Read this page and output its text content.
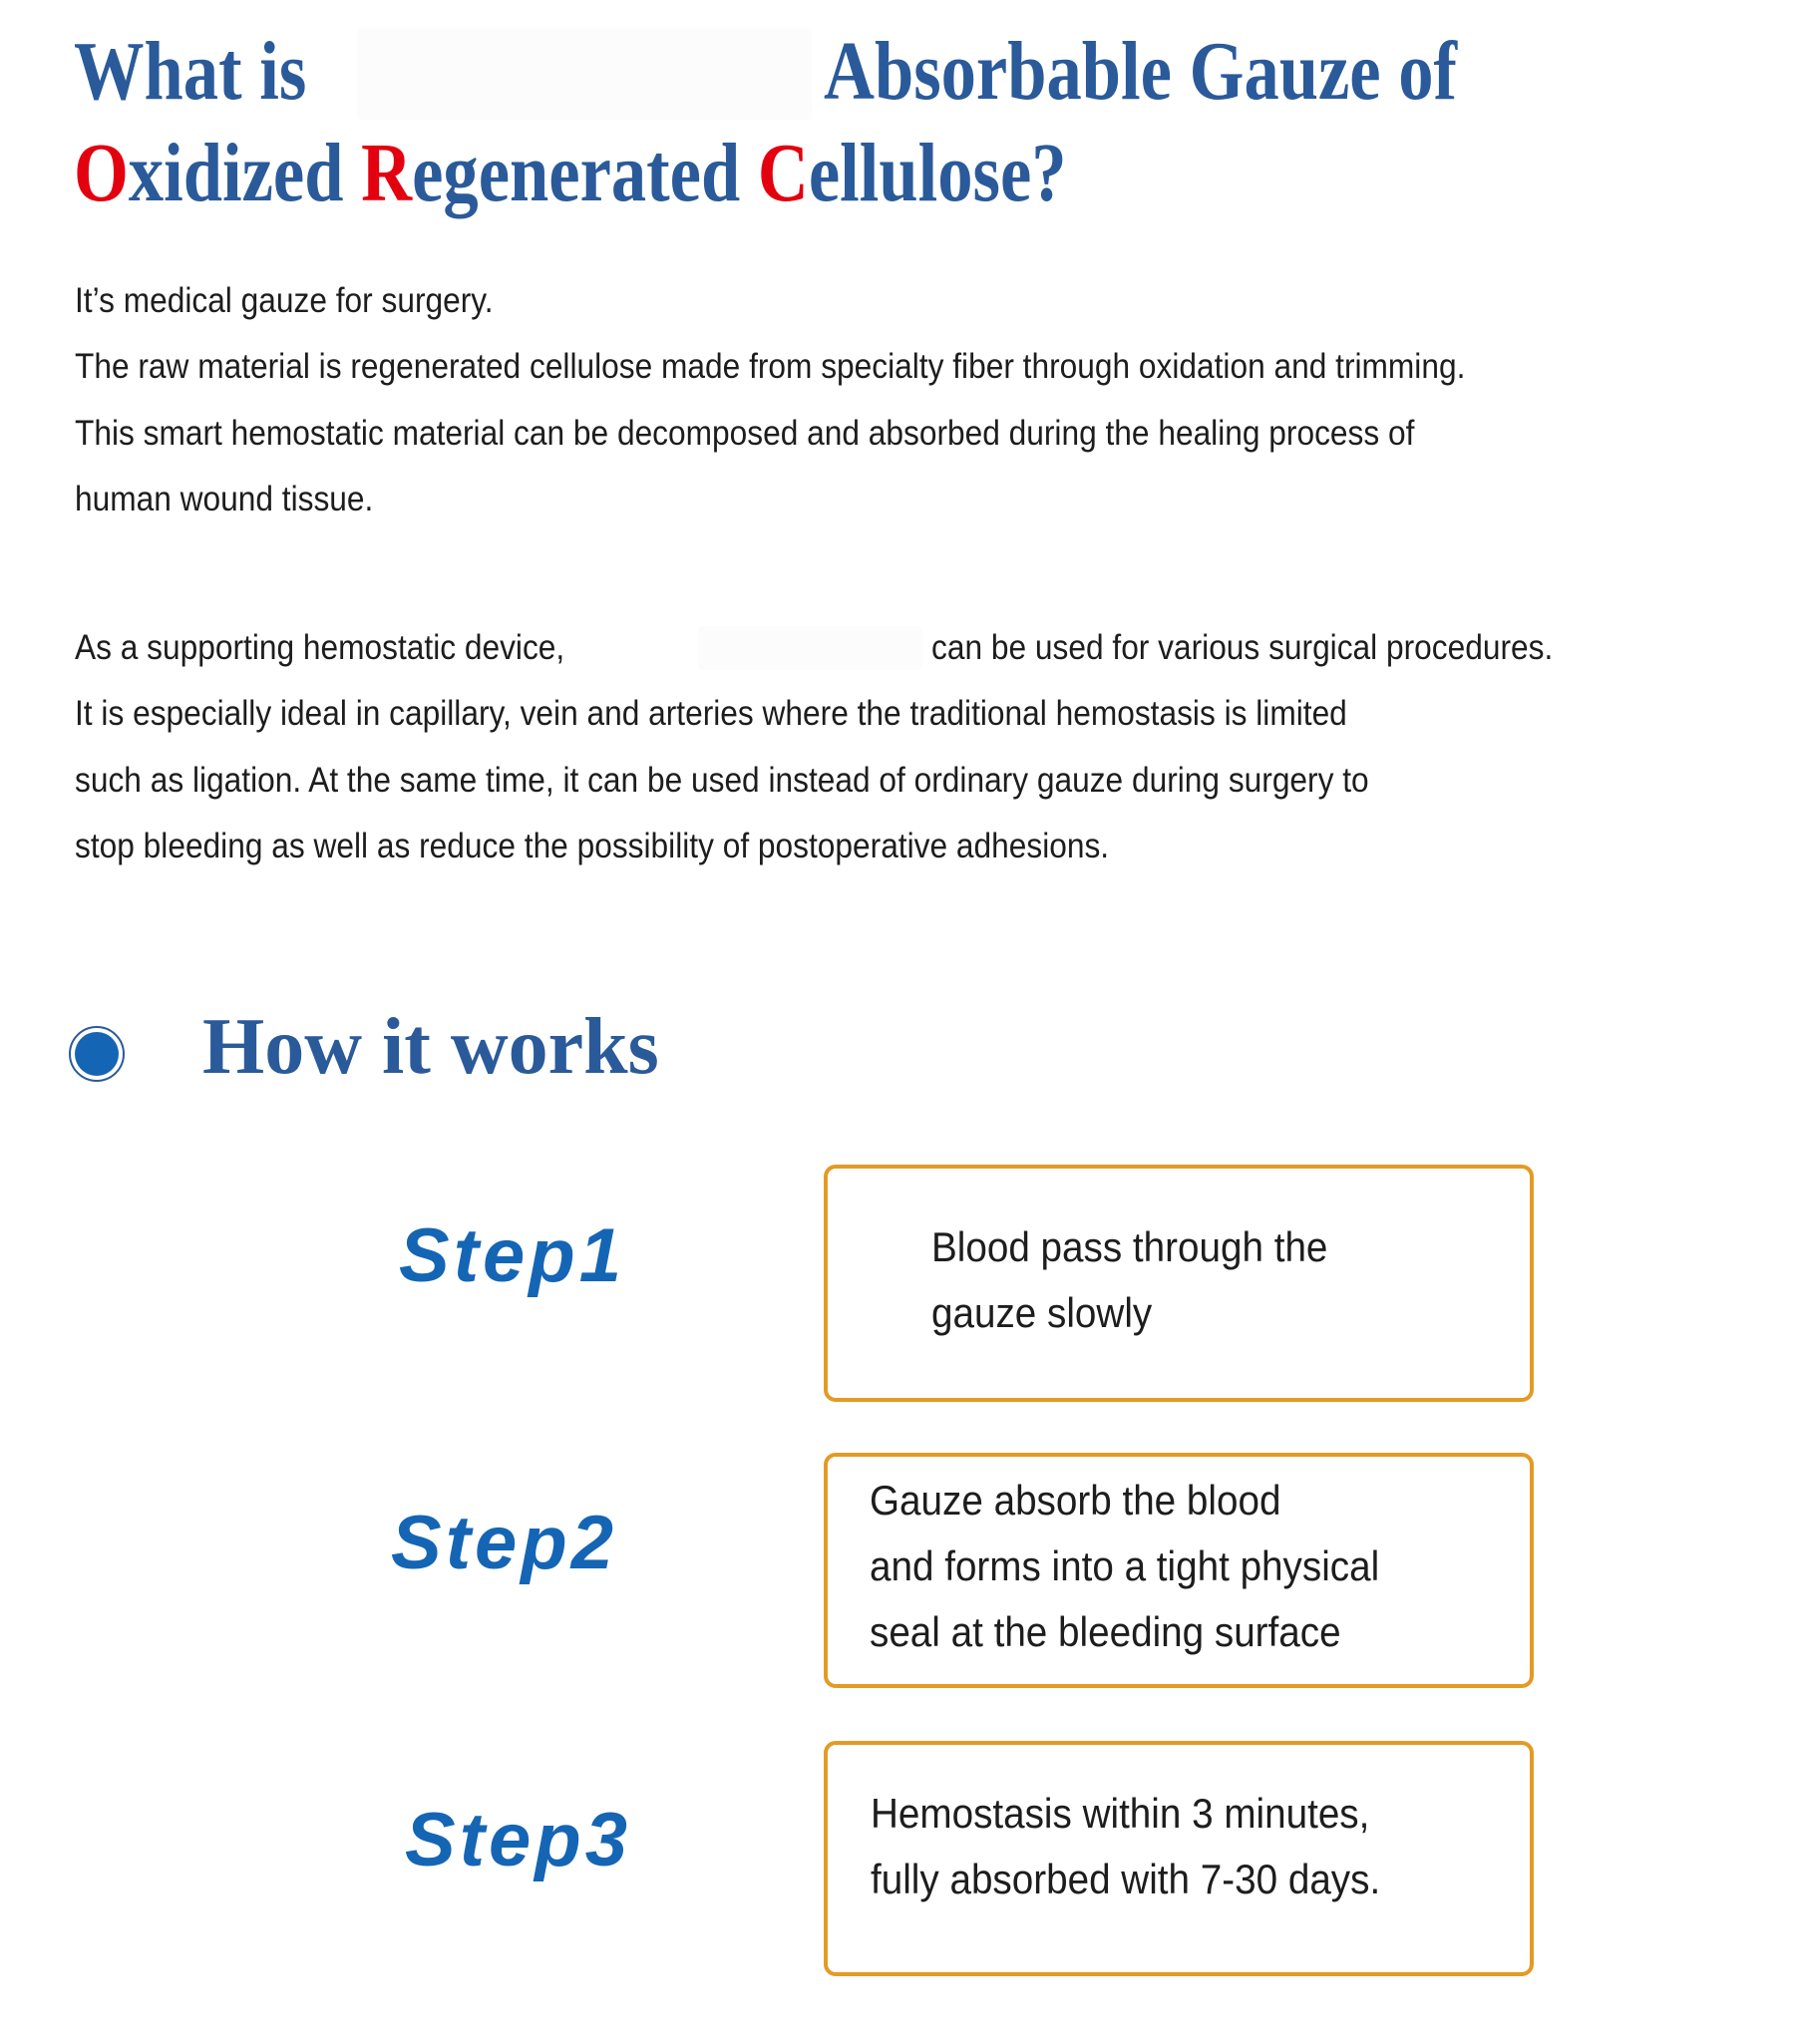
What is	Absorbable Gauze of
Oxidized Regenerated Cellulose?
It’s medical gauze for surgery.
The raw material is regenerated cellulose made from specialty fiber through oxidation and trimming.
This smart hemostatic material can be decomposed and absorbed during the healing process of
human wound tissue.
As a supporting hemostatic device,	can be used for various surgical procedures.
It is especially ideal in capillary, vein and arteries where the traditional hemostasis is limited
such as ligation. At the same time, it can be used instead of ordinary gauze during surgery to
stop bleeding as well as reduce the possibility of postoperative adhesions.
How it works
Step1	Blood pass through the
gauze slowly
Step2
Gauze absorb the blood
and forms into a tight physical
seal at the bleeding surface
Step3	Hemostasis within 3 minutes,
fully absorbed with 7-30 days.
